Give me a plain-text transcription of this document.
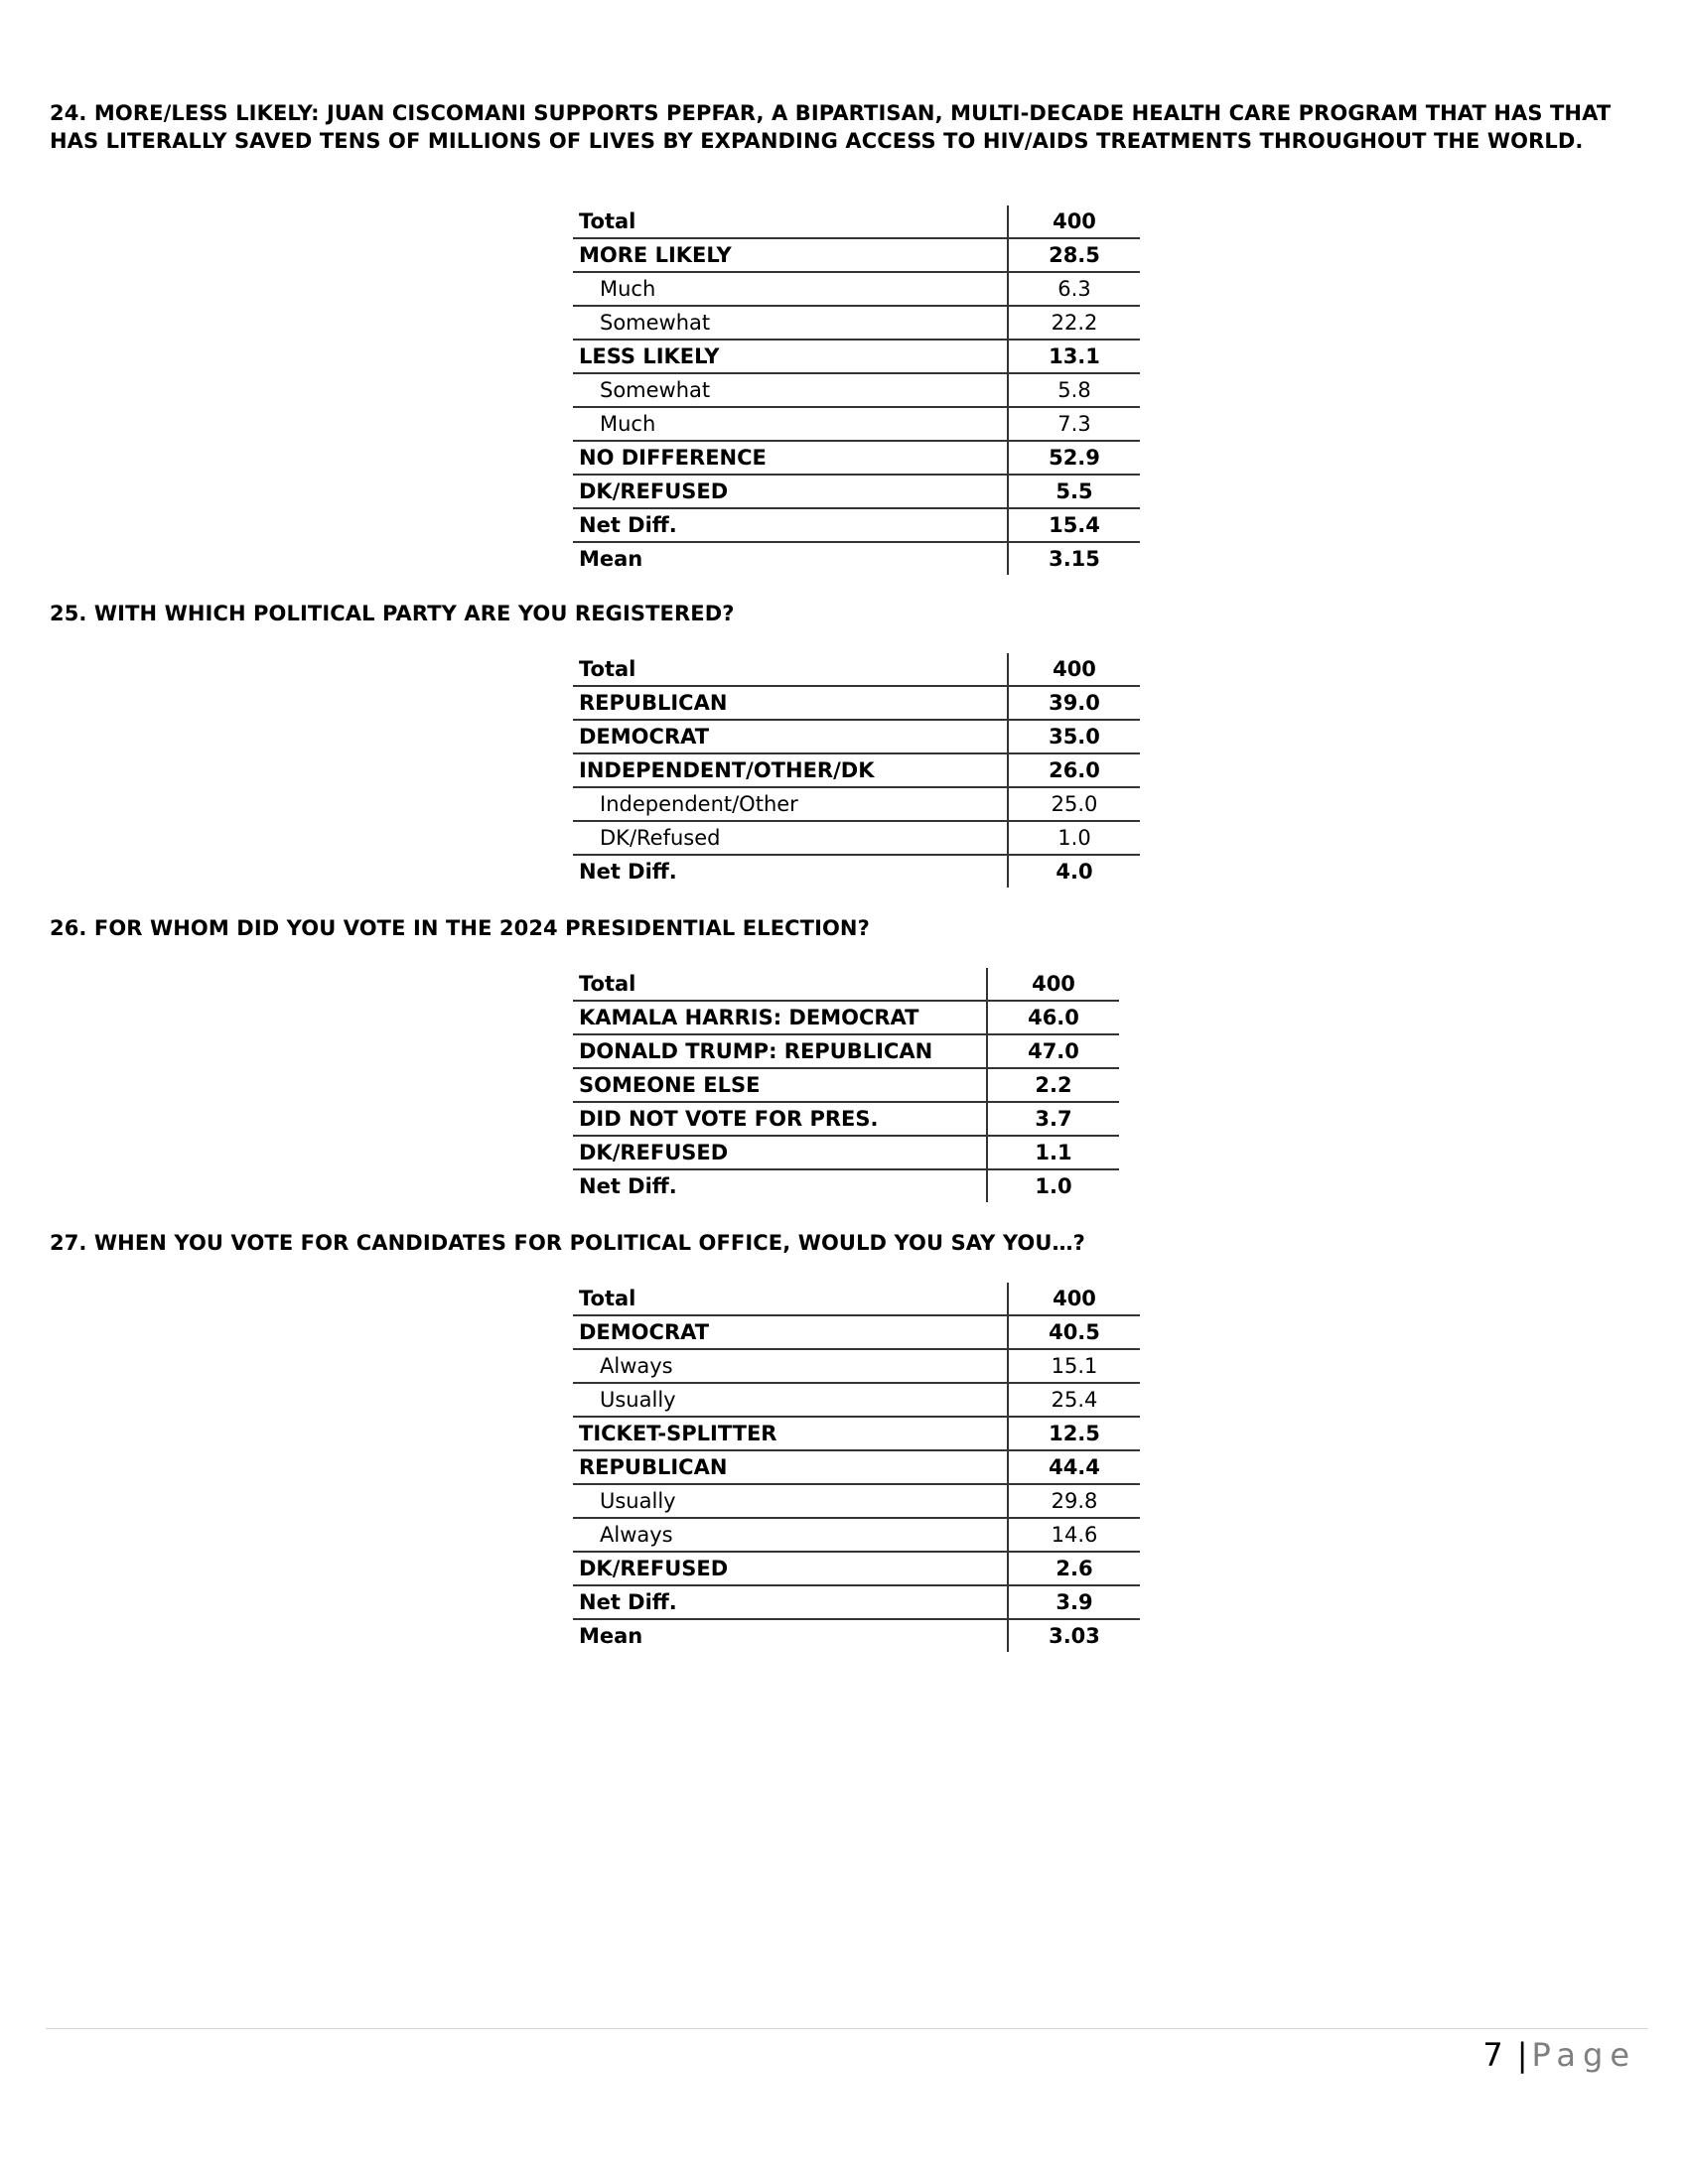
24. MORE/LESS LIKELY: JUAN CISCOMANI SUPPORTS PEPFAR, A BIPARTISAN, MULTI-DECADE HEALTH CARE PROGRAM THAT HAS THAT HAS LITERALLY SAVED TENS OF MILLIONS OF LIVES BY EXPANDING ACCESS TO HIV/AIDS TREATMENTS THROUGHOUT THE WORLD.

Total	400
MORE LIKELY	28.5
Much	6.3
Somewhat	22.2
LESS LIKELY	13.1
Somewhat	5.8
Much	7.3
NO DIFFERENCE	52.9
DK/REFUSED	5.5
Net Diff.	15.4
Mean	3.15

25. WITH WHICH POLITICAL PARTY ARE YOU REGISTERED?

Total	400
REPUBLICAN	39.0
DEMOCRAT	35.0
INDEPENDENT/OTHER/DK	26.0
Independent/Other	25.0
DK/Refused	1.0
Net Diff.	4.0

26. FOR WHOM DID YOU VOTE IN THE 2024 PRESIDENTIAL ELECTION?

Total	400
KAMALA HARRIS: DEMOCRAT	46.0
DONALD TRUMP: REPUBLICAN	47.0
SOMEONE ELSE	2.2
DID NOT VOTE FOR PRES.	3.7
DK/REFUSED	1.1
Net Diff.	1.0

27. WHEN YOU VOTE FOR CANDIDATES FOR POLITICAL OFFICE, WOULD YOU SAY YOU…?

Total	400
DEMOCRAT	40.5
Always	15.1
Usually	25.4
TICKET-SPLITTER	12.5
REPUBLICAN	44.4
Usually	29.8
Always	14.6
DK/REFUSED	2.6
Net Diff.	3.9
Mean	3.03
7 | Page
